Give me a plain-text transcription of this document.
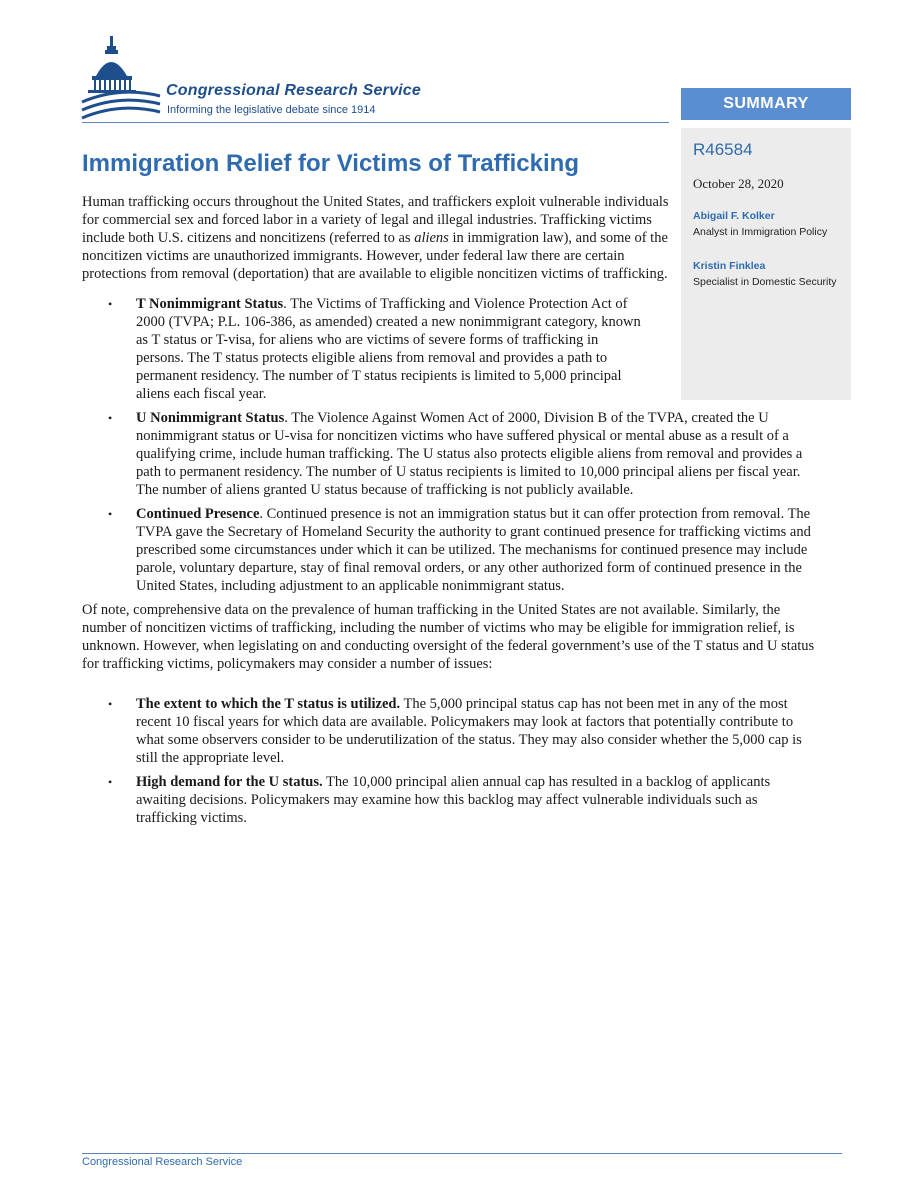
Congressional Research Service
Informing the legislative debate since 1914	SUMMARY
R46584
October 28, 2020
Abigail F. Kolker
Analyst in Immigration Policy
Kristin Finklea
Specialist in Domestic Security
Immigration Relief for Victims of Trafficking

Human trafficking occurs throughout the United States, and traffickers exploit vulnerable individuals for commercial sex and forced labor in a variety of legal and illegal industries. Trafficking victims include both U.S. citizens and noncitizens (referred to as aliens in immigration law), and some of the noncitizen victims are unauthorized immigrants. However, under federal law there are certain protections from removal (deportation) that are available to eligible noncitizen victims of trafficking.

• T Nonimmigrant Status. The Victims of Trafficking and Violence Protection Act of 2000 (TVPA; P.L. 106-386, as amended) created a new nonimmigrant category, known as T status or T-visa, for aliens who are victims of severe forms of trafficking in persons. The T status protects eligible aliens from removal and provides a path to permanent residency. The number of T status recipients is limited to 5,000 principal aliens each fiscal year.
• U Nonimmigrant Status. The Violence Against Women Act of 2000, Division B of the TVPA, created the U nonimmigrant status or U-visa for noncitizen victims who have suffered physical or mental abuse as a result of a qualifying crime, include human trafficking. The U status also protects eligible aliens from removal and provides a path to permanent residency. The number of U status recipients is limited to 10,000 principal aliens per fiscal year. The number of aliens granted U status because of trafficking is not publicly available.
• Continued Presence. Continued presence is not an immigration status but it can offer protection from removal. The TVPA gave the Secretary of Homeland Security the authority to grant continued presence for trafficking victims and prescribed some circumstances under which it can be utilized. The mechanisms for continued presence may include parole, voluntary departure, stay of final removal orders, or any other authorized form of continued presence in the United States, including adjustment to an applicable nonimmigrant status.

Of note, comprehensive data on the prevalence of human trafficking in the United States are not available. Similarly, the number of noncitizen victims of trafficking, including the number of victims who may be eligible for immigration relief, is unknown. However, when legislating on and conducting oversight of the federal government’s use of the T status and U status for trafficking victims, policymakers may consider a number of issues:

• The extent to which the T status is utilized. The 5,000 principal status cap has not been met in any of the most recent 10 fiscal years for which data are available. Policymakers may look at factors that potentially contribute to what some observers consider to be underutilization of the status. They may also consider whether the 5,000 cap is still the appropriate level.
• High demand for the U status. The 10,000 principal alien annual cap has resulted in a backlog of applicants awaiting decisions. Policymakers may examine how this backlog may affect vulnerable individuals such as trafficking victims.
Congressional Research Service
